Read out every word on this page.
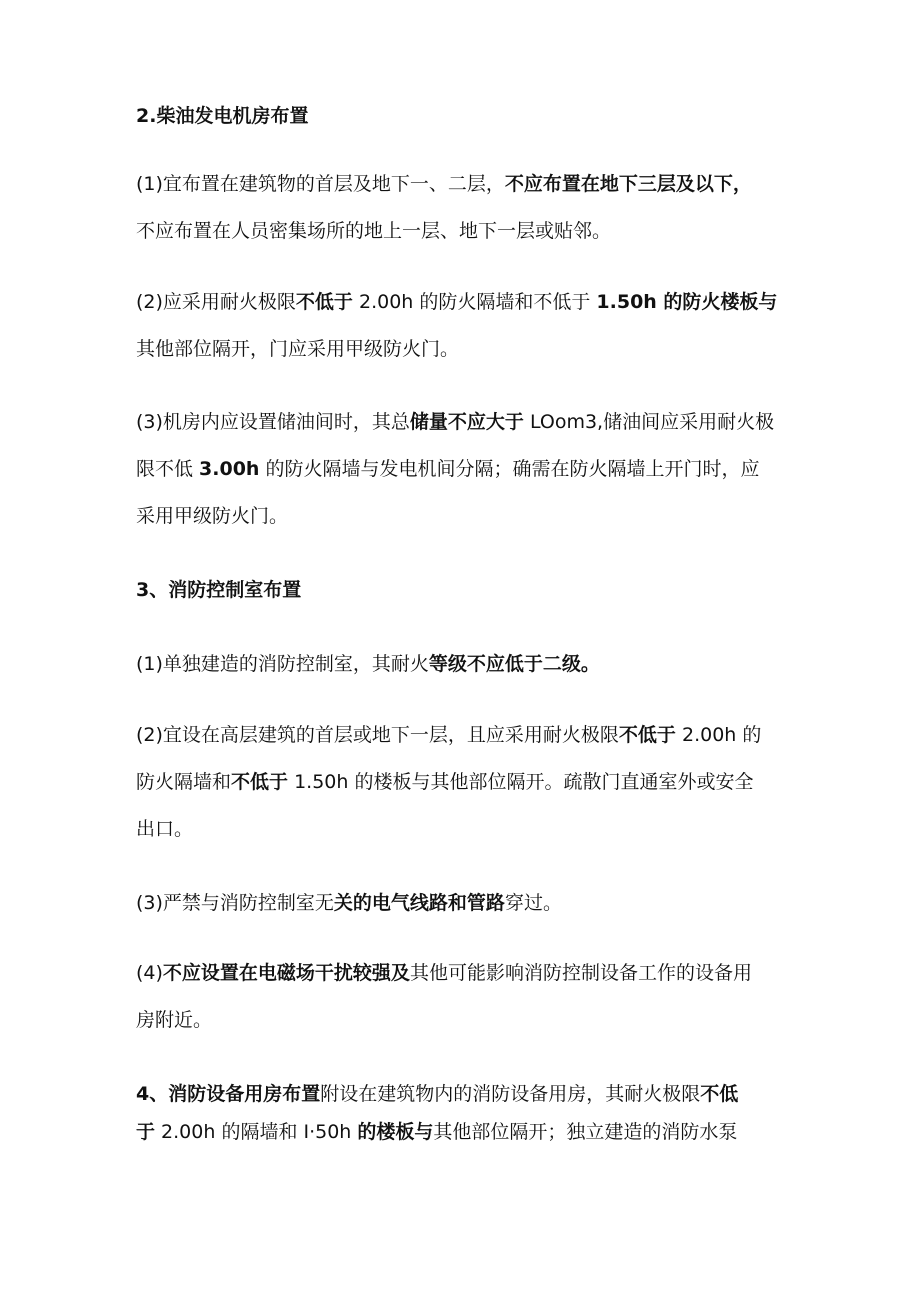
2.柴油发电机房布置
(1)宜布置在建筑物的首层及地下一、二层，不应布置在地下三层及以下，
不应布置在人员密集场所的地上一层、地下一层或贴邻。
(2)应采用耐火极限不低于 2.00h 的防火隔墙和不低于 1.50h 的防火楼板与
其他部位隔开，门应采用甲级防火门。
(3)机房内应设置储油间时，其总储量不应大于 LOom3,储油间应采用耐火极
限不低 3.00h 的防火隔墙与发电机间分隔；确需在防火隔墙上开门时，应
采用甲级防火门。
3、消防控制室布置
(1)单独建造的消防控制室，其耐火等级不应低于二级。
(2)宜设在高层建筑的首层或地下一层，且应采用耐火极限不低于 2.00h 的
防火隔墙和不低于 1.50h 的楼板与其他部位隔开。疏散门直通室外或安全
出口。
(3)严禁与消防控制室无关的电气线路和管路穿过。
(4)不应设置在电磁场干扰较强及其他可能影响消防控制设备工作的设备用
房附近。
4、消防设备用房布置附设在建筑物内的消防设备用房，其耐火极限不低
于 2.00h 的隔墙和 I·50h 的楼板与其他部位隔开；独立建造的消防水泵
